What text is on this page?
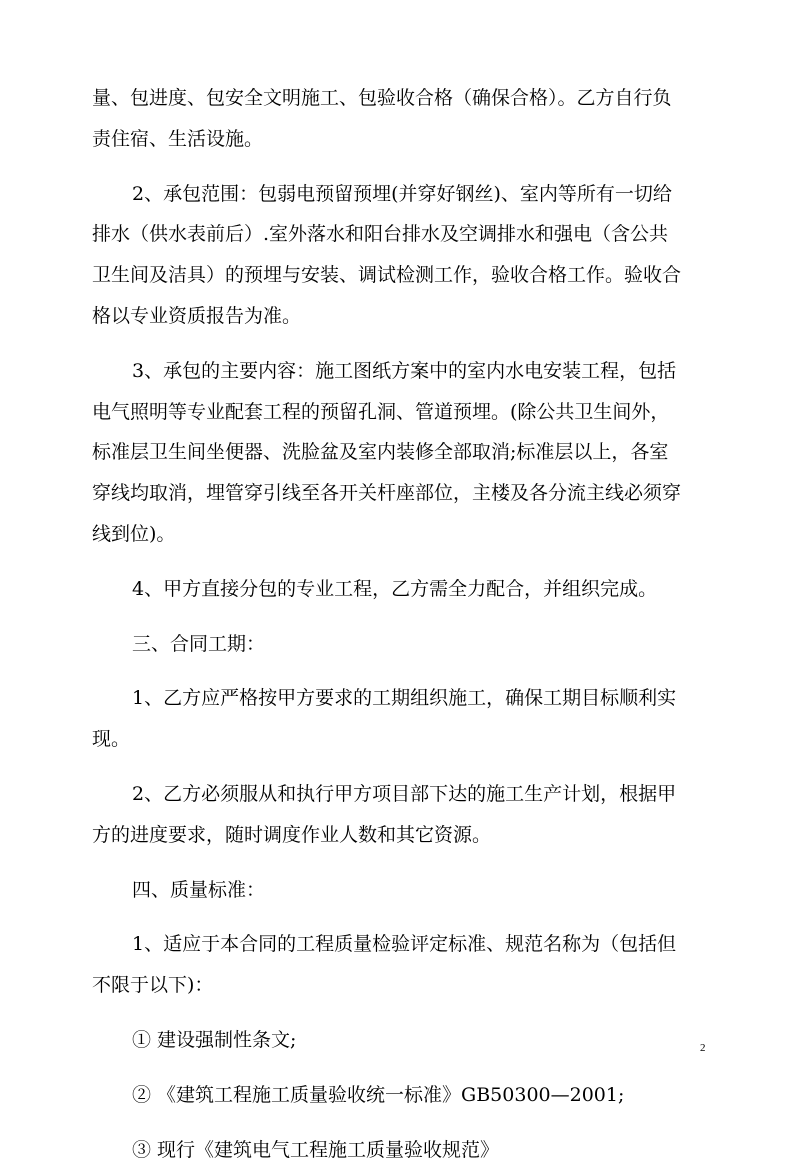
量、包进度、包安全文明施工、包验收合格（确保合格）。乙方自行负
责住宿、生活设施。
2、承包范围：包弱电预留预埋(并穿好钢丝)、室内等所有一切给
排水（供水表前后）.室外落水和阳台排水及空调排水和强电（含公共
卫生间及洁具）的预埋与安装、调试检测工作，验收合格工作。验收合
格以专业资质报告为准。
3、承包的主要内容：施工图纸方案中的室内水电安装工程，包括
电气照明等专业配套工程的预留孔洞、管道预埋。(除公共卫生间外，
标准层卫生间坐便器、洗脸盆及室内装修全部取消;标准层以上，各室
穿线均取消，埋管穿引线至各开关杆座部位，主楼及各分流主线必须穿
线到位)。
4、甲方直接分包的专业工程，乙方需全力配合，并组织完成。
三、合同工期：
1、乙方应严格按甲方要求的工期组织施工，确保工期目标顺利实
现。
2、乙方必须服从和执行甲方项目部下达的施工生产计划，根据甲
方的进度要求，随时调度作业人数和其它资源。
四、质量标准：
1、适应于本合同的工程质量检验评定标准、规范名称为（包括但
不限于以下)：
① 建设强制性条文;
② 《建筑工程施工质量验收统一标准》GB50300—2001;
③ 现行《建筑电气工程施工质量验收规范》
2
